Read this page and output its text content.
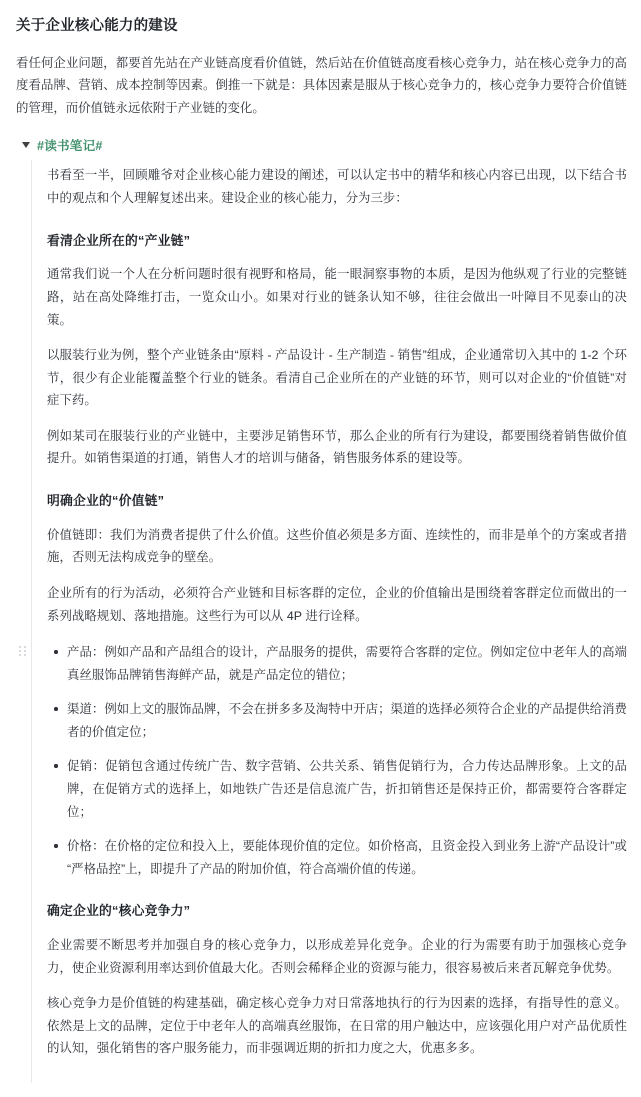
关于企业核心能力的建设

看任何企业问题，都要首先站在产业链高度看价值链，然后站在价值链高度看核心竞争力，站在核心竞争力的高度看品牌、营销、成本控制等因素。倒推一下就是：具体因素是服从于核心竞争力的，核心竞争力要符合价值链的管理，而价值链永远依附于产业链的变化。

#读书笔记#

书看至一半，回顾雕爷对企业核心能力建设的阐述，可以认定书中的精华和核心内容已出现，以下结合书中的观点和个人理解复述出来。建设企业的核心能力，分为三步：

看清企业所在的“产业链”

通常我们说一个人在分析问题时很有视野和格局，能一眼洞察事物的本质，是因为他纵观了行业的完整链路，站在高处降维打击，一览众山小。如果对行业的链条认知不够，往往会做出一叶障目不见泰山的决策。

以服装行业为例，整个产业链条由“原料 - 产品设计 - 生产制造 - 销售”组成，企业通常切入其中的 1-2 个环节，很少有企业能覆盖整个行业的链条。看清自己企业所在的产业链的环节，则可以对企业的“价值链”对症下药。

例如某司在服装行业的产业链中，主要涉足销售环节，那么企业的所有行为建设，都要围绕着销售做价值提升。如销售渠道的打通，销售人才的培训与储备，销售服务体系的建设等。

明确企业的“价值链”

价值链即：我们为消费者提供了什么价值。这些价值必须是多方面、连续性的，而非是单个的方案或者措施，否则无法构成竞争的壁垒。

企业所有的行为活动，必须符合产业链和目标客群的定位，企业的价值输出是围绕着客群定位而做出的一系列战略规划、落地措施。这些行为可以从 4P 进行诠释。

产品：例如产品和产品组合的设计，产品服务的提供，需要符合客群的定位。例如定位中老年人的高端真丝服饰品牌销售海鲜产品，就是产品定位的错位；
渠道：例如上文的服饰品牌，不会在拼多多及淘特中开店；渠道的选择必须符合企业的产品提供给消费者的价值定位；
促销：促销包含通过传统广告、数字营销、公共关系、销售促销行为，合力传达品牌形象。上文的品牌，在促销方式的选择上，如地铁广告还是信息流广告，折扣销售还是保持正价，都需要符合客群定位；
价格：在价格的定位和投入上，要能体现价值的定位。如价格高，且资金投入到业务上游“产品设计”或“严格品控”上，即提升了产品的附加价值，符合高端价值的传递。
确定企业的“核心竞争力”

企业需要不断思考并加强自身的核心竞争力，以形成差异化竞争。企业的行为需要有助于加强核心竞争力，使企业资源利用率达到价值最大化。否则会稀释企业的资源与能力，很容易被后来者瓦解竞争优势。

核心竞争力是价值链的构建基础，确定核心竞争力对日常落地执行的行为因素的选择，有指导性的意义。依然是上文的品牌，定位于中老年人的高端真丝服饰，在日常的用户触达中，应该强化用户对产品优质性的认知，强化销售的客户服务能力，而非强调近期的折扣力度之大，优惠多多。
